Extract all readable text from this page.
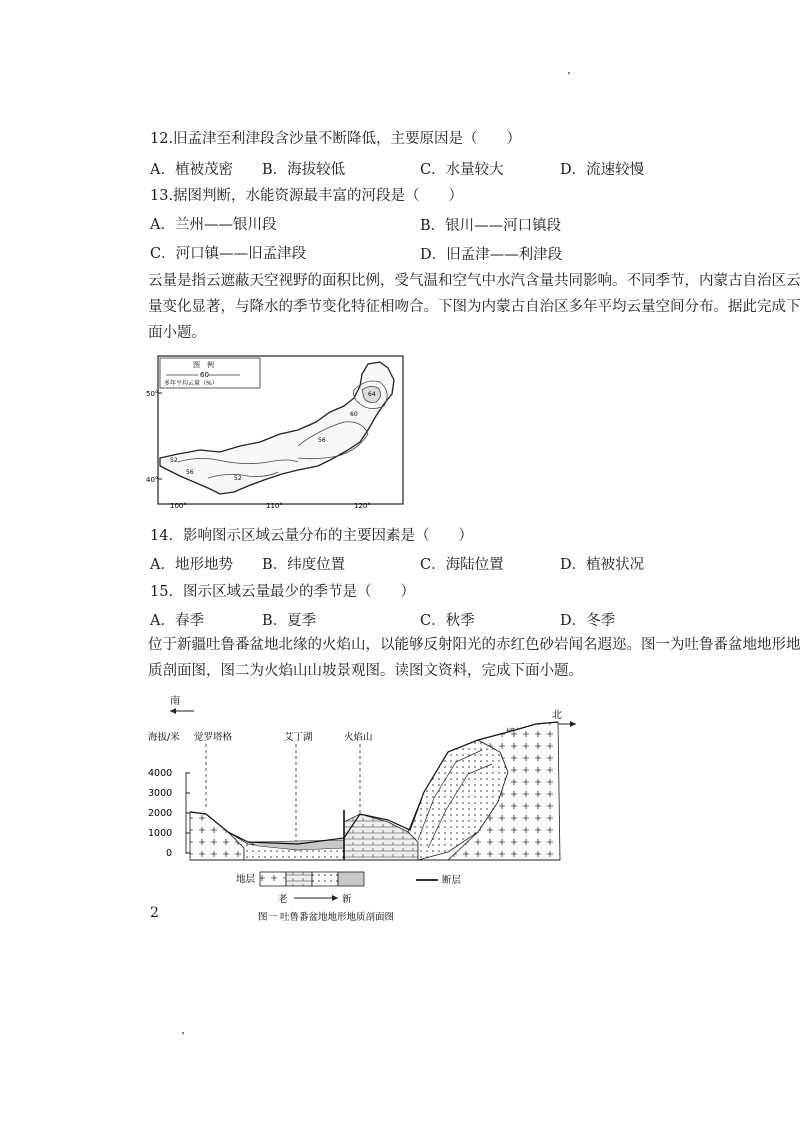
12.旧孟津至利津段含沙量不断降低，主要原因是（　　）
A．植被茂密 B．海拔较低	C．水量较大	D．流速较慢
13.据图判断，水能资源最丰富的河段是（　　）
A．兰州——银川段	B．银川——河口镇段
C．河口镇——旧孟津段	D．旧孟津——利津段
云量是指云遮蔽天空视野的面积比例，受气温和空气中水汽含量共同影响。不同季节，内蒙古自治区云量变化显著，与降水的季节变化特征相吻合。下图为内蒙古自治区多年平均云量空间分布。据此完成下面小题。
图　例
60
多年平均云量（%）
50°
40°
100°	110°	120°
64
60
56
52
56
52
14．影响图示区域云量分布的主要因素是（　　）
A．地形地势 B．纬度位置	C．海陆位置	D．植被状况
15．图示区域云量最少的季节是（　　）
A．春季	B．夏季	C．秋季	D．冬季
位于新疆吐鲁番盆地北缘的火焰山，以能够反射阳光的赤红色砂岩闻名遐迩。图一为吐鲁番盆地地形地质剖面图，图二为火焰山山坡景观图。读图文资料，完成下面小题。
南
北
海拔/米
4000
3000
2000
1000
0
觉罗塔格	艾丁湖	火焰山
地层
老	新
断层
图一 吐鲁番盆地地形地质剖面图
2
